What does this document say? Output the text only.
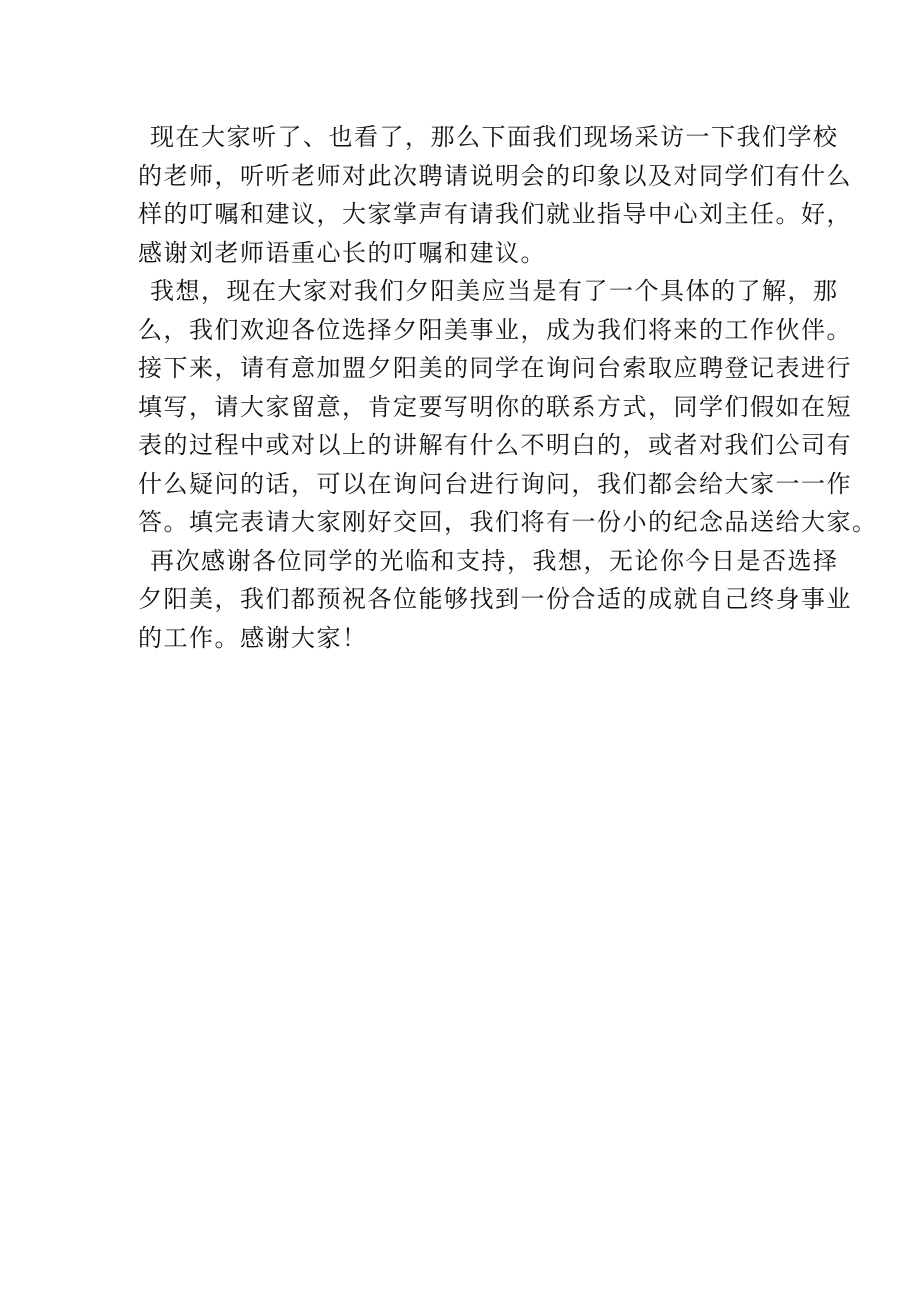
现在大家听了、也看了，那么下面我们现场采访一下我们学校
的老师，听听老师对此次聘请说明会的印象以及对同学们有什么
样的叮嘱和建议，大家掌声有请我们就业指导中心刘主任。好，
感谢刘老师语重心长的叮嘱和建议。
我想，现在大家对我们夕阳美应当是有了一个具体的了解，那
么，我们欢迎各位选择夕阳美事业，成为我们将来的工作伙伴。
接下来，请有意加盟夕阳美的同学在询问台索取应聘登记表进行
填写，请大家留意，肯定要写明你的联系方式，同学们假如在短
表的过程中或对以上的讲解有什么不明白的，或者对我们公司有
什么疑问的话，可以在询问台进行询问，我们都会给大家一一作
答。填完表请大家刚好交回，我们将有一份小的纪念品送给大家。
再次感谢各位同学的光临和支持，我想，无论你今日是否选择
夕阳美，我们都预祝各位能够找到一份合适的成就自己终身事业
的工作。感谢大家！
